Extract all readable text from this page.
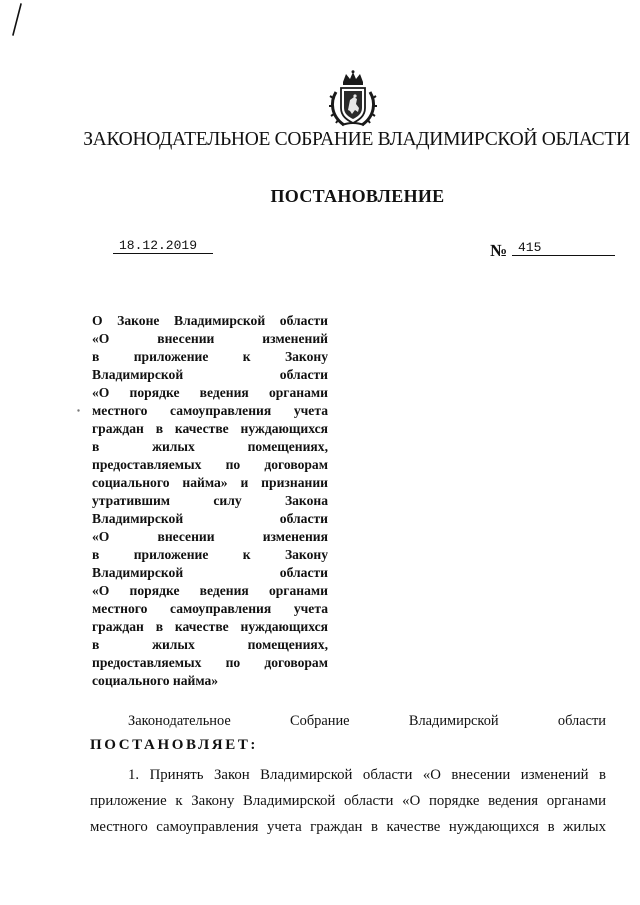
ЗАКОНОДАТЕЛЬНОЕ СОБРАНИЕ ВЛАДИМИРСКОЙ ОБЛАСТИ
ПОСТАНОВЛЕНИЕ
18.12.2019	№ 415
О Законе Владимирской области
«О внесении изменений
в приложение к Закону
Владимирской области
«О порядке ведения органами
местного самоуправления учета
граждан в качестве нуждающихся
в жилых помещениях,
предоставляемых по договорам
социального найма» и признании
утратившим силу Закона
Владимирской области
«О внесении изменения
в приложение к Закону
Владимирской области
«О порядке ведения органами
местного самоуправления учета
граждан в качестве нуждающихся
в жилых помещениях,
предоставляемых по договорам
социального найма»
Законодательное Собрание Владимирской области
ПОСТАНОВЛЯЕТ:
1. Принять Закон Владимирской области «О внесении изменений в
приложение к Закону Владимирской области «О порядке ведения органами
местного самоуправления учета граждан в качестве нуждающихся в жилых
